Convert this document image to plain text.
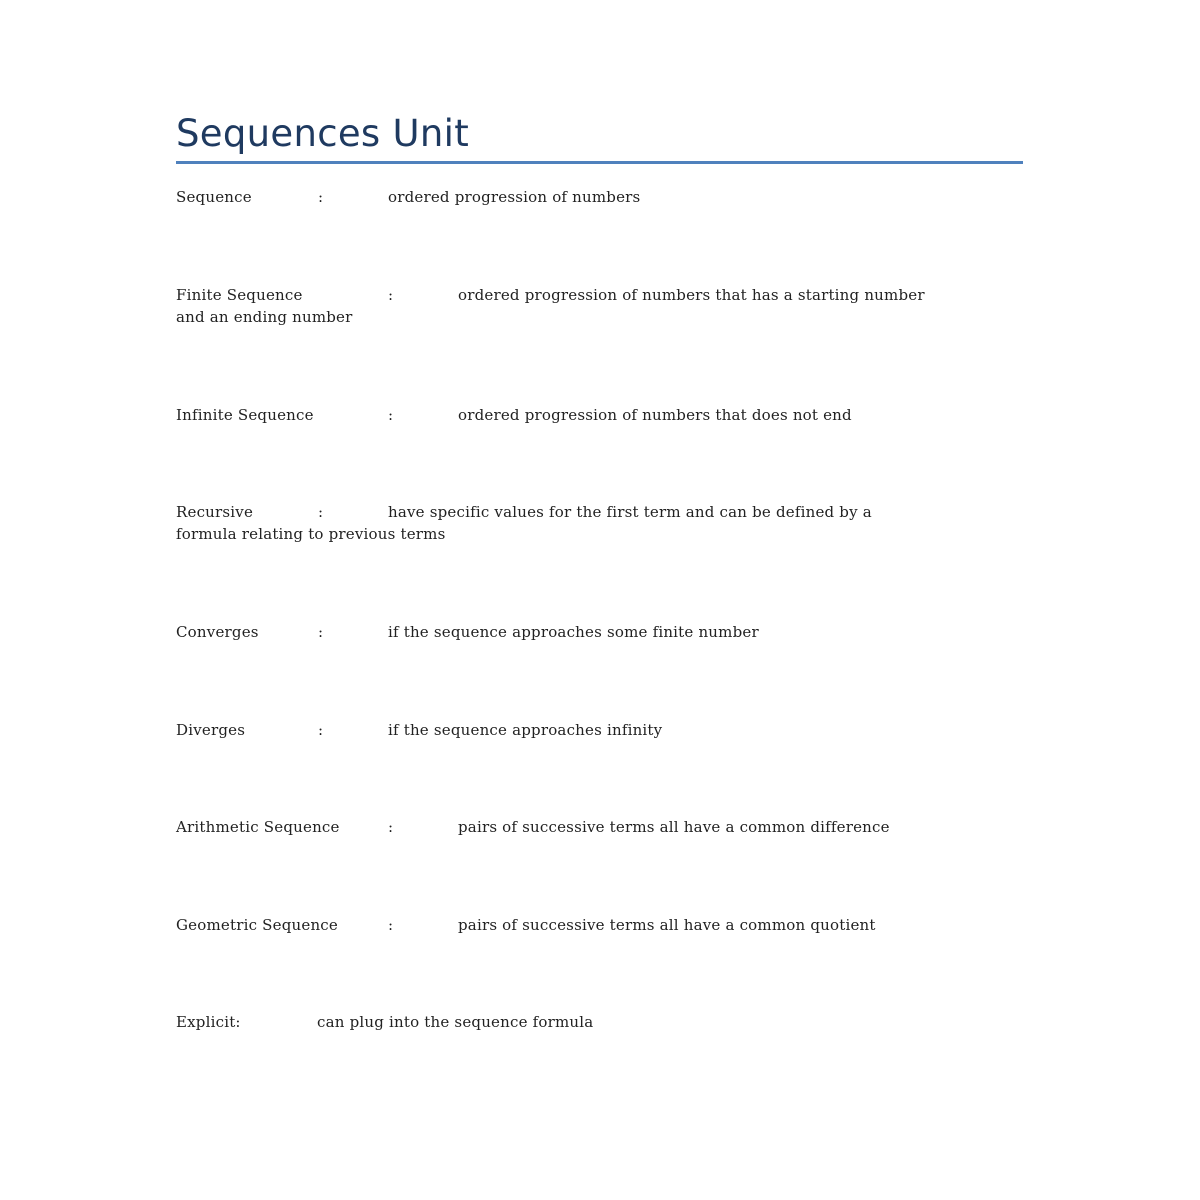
Sequences Unit
Sequence	:	ordered progression of numbers
Finite Sequence	:	ordered progression of numbers that has a starting number
and an ending number
Infinite Sequence	:	ordered progression of numbers that does not end
Recursive	:	have specific values for the first term and can be defined by a
formula relating to previous terms
Converges	:	if the sequence approaches some finite number
Diverges	:	if the sequence approaches infinity
Arithmetic Sequence	:	pairs of successive terms all have a common difference
Geometric Sequence	:	pairs of successive terms all have a common quotient
Explicit:	can plug into the sequence formula
